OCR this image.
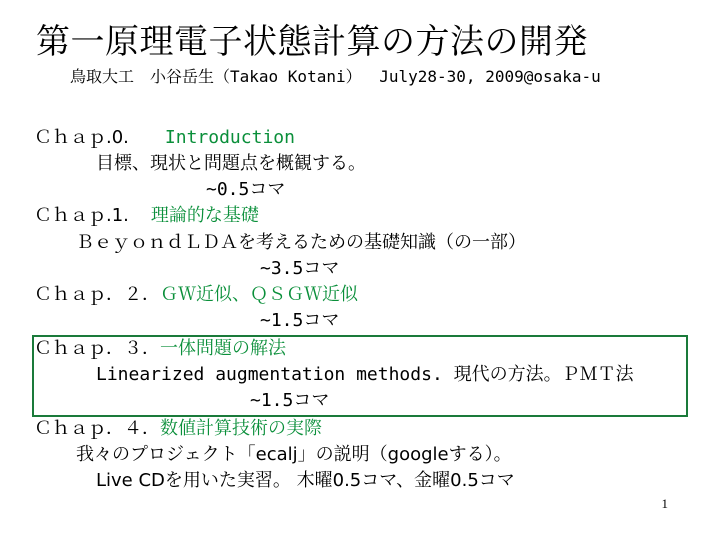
第一原理電子状態計算の方法の開発
鳥取大工　小谷岳生（Takao Kotani）　 July28-30, 2009@osaka-u
Ｃｈａｐ.0. Introduction
目標、現状と問題点を概観する。
~0.5コマ
Ｃｈａｐ.1. 理論的な基礎
ＢｅｙｏｎｄＬＤＡを考えるための基礎知識（の一部）
~3.5コマ
Ｃｈａｐ．２．ＧＷ近似、ＱＳＧＷ近似
~1.5コマ
Ｃｈａｐ．３．一体問題の解法
Linearized augmentation methods. 現代の方法。ＰＭＴ法
~1.5コマ
Ｃｈａｐ．４．数値計算技術の実際
我々のプロジェクト「ecalj」の説明（googleする）。
Live CDを用いた実習。 木曜0.5コマ、金曜0.5コマ
1
